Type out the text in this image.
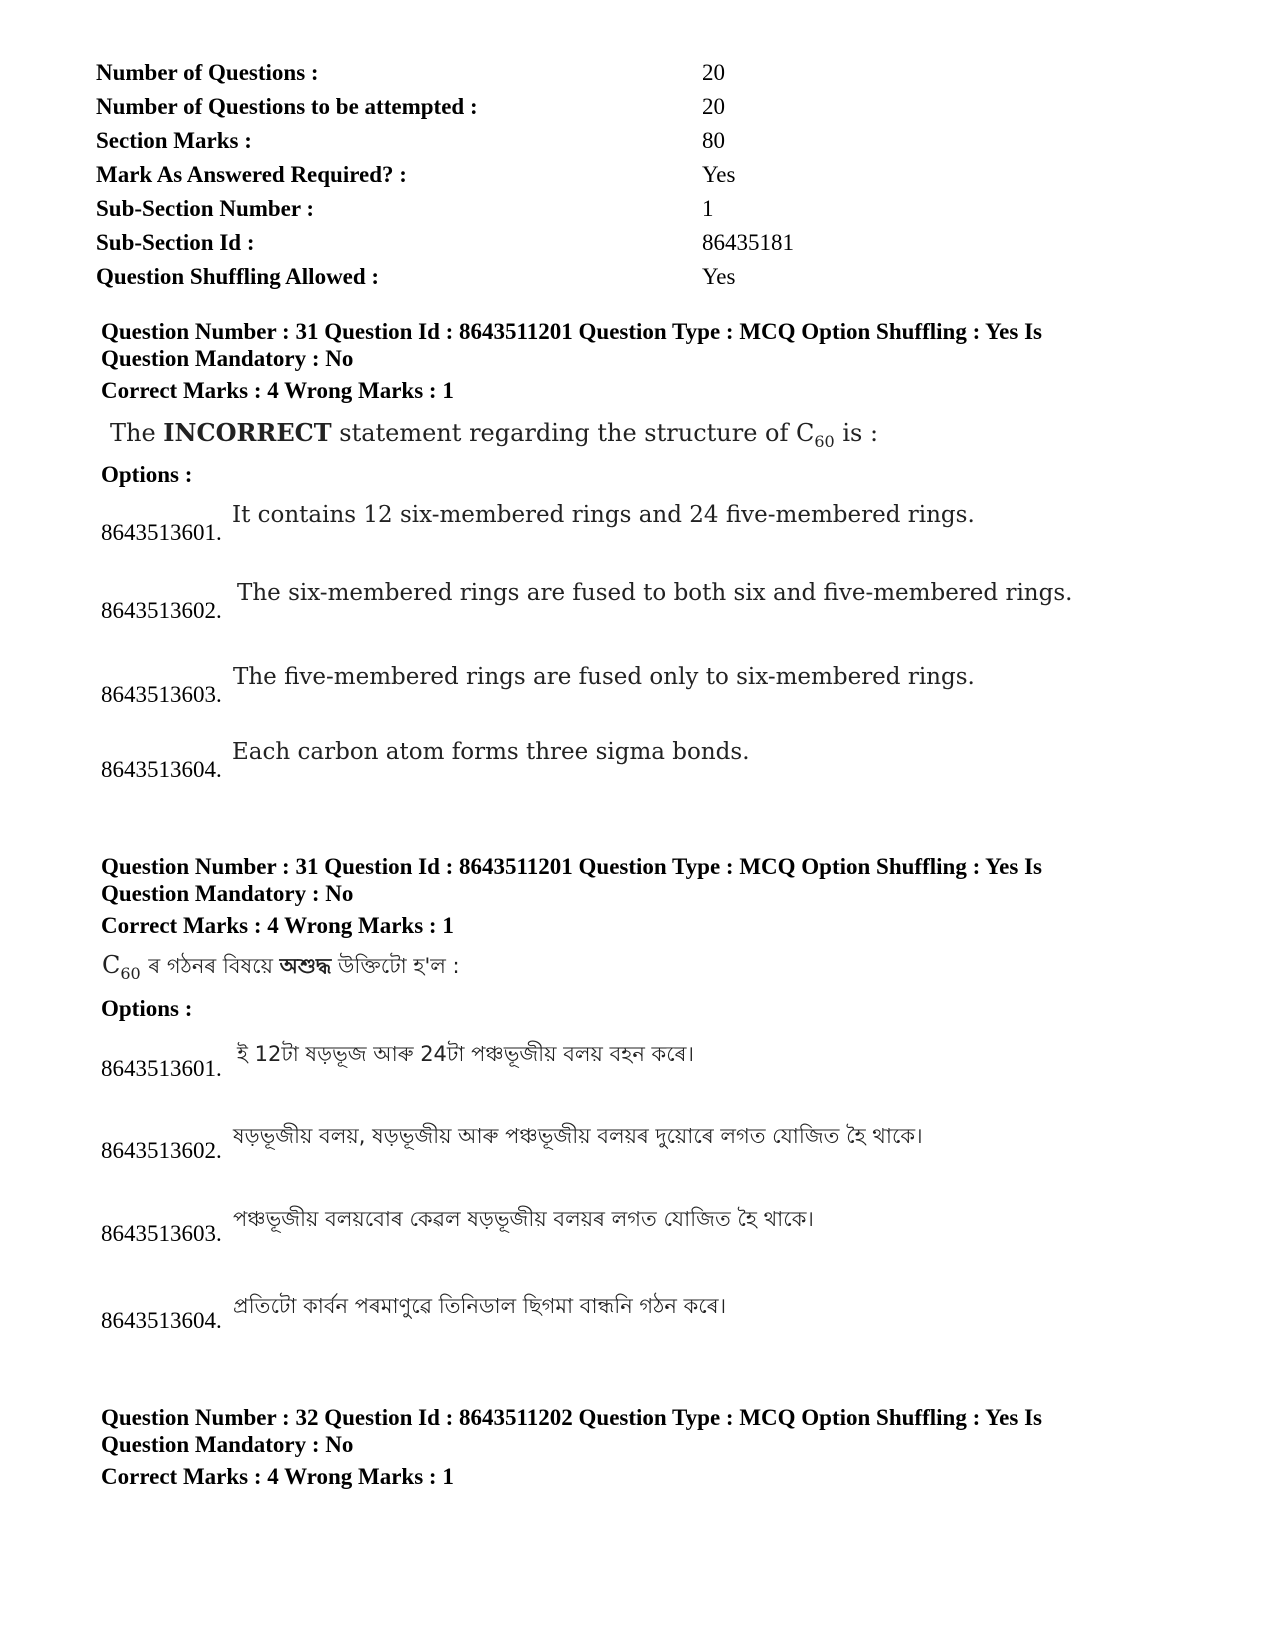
Number of Questions :	20
Number of Questions to be attempted :	20
Section Marks :	80
Mark As Answered Required? :	Yes
Sub-Section Number :	1
Sub-Section Id :	86435181
Question Shuffling Allowed :	Yes
Question Number : 31 Question Id : 8643511201 Question Type : MCQ Option Shuffling : Yes Is
Question Mandatory : No
Correct Marks : 4 Wrong Marks : 1
The INCORRECT statement regarding the structure of $C_{60}$ is :
Options :
8643513601.
It contains 12 six-membered rings and 24 five-membered rings.
8643513602.
The six-membered rings are fused to both six and five-membered rings.
8643513603.
The five-membered rings are fused only to six-membered rings.
8643513604.
Each carbon atom forms three sigma bonds.
Question Number : 31 Question Id : 8643511201 Question Type : MCQ Option Shuffling : Yes Is
Question Mandatory : No
Correct Marks : 4 Wrong Marks : 1
$C_{60}$ ৰ গঠনৰ বিষয়ে অশুদ্ধ উক্তিটো হ'ল :
Options :
8643513601.
ই 12টা ষড়ভূজ আৰু 24টা পঞ্চভূজীয় বলয় বহন কৰে।
8643513602.
ষড়ভূজীয় বলয়, ষড়ভূজীয় আৰু পঞ্চভূজীয় বলয়ৰ দুয়োৰে লগত যোজিত হৈ থাকে।
8643513603.
পঞ্চভূজীয় বলয়বোৰ কেৱল ষড়ভূজীয় বলয়ৰ লগত যোজিত হৈ থাকে।
8643513604.
প্ৰতিটো কাৰ্বন পৰমাণুৱে তিনিডাল ছিগমা বান্ধনি গঠন কৰে।
Question Number : 32 Question Id : 8643511202 Question Type : MCQ Option Shuffling : Yes Is
Question Mandatory : No
Correct Marks : 4 Wrong Marks : 1
